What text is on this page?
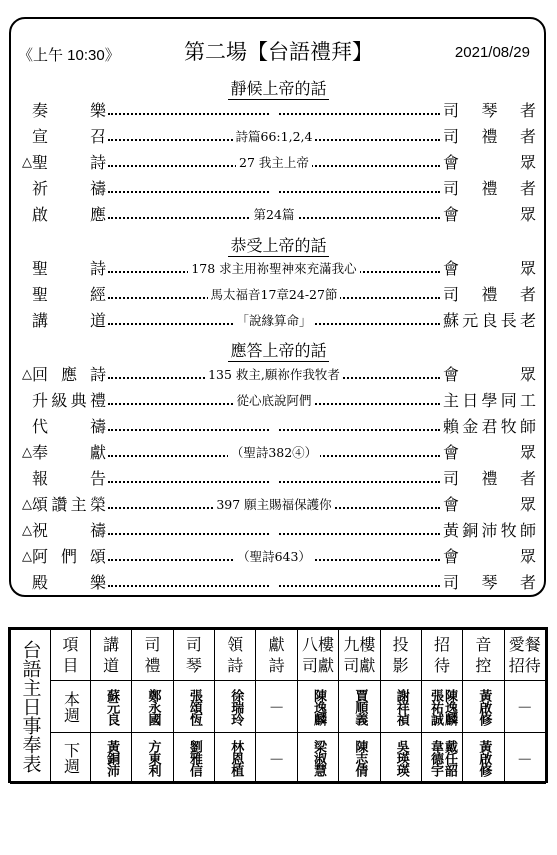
《上午 10:30》	第二場【台語禮拜】	2021/08/29
靜候上帝的話
恭受上帝的話
應答上帝的話
奏	樂	司 琴 者
宣	召	詩篇66:1,2,4	司 禮 者
△ 聖	詩	27 我主上帝	會	眾
祈	禱	司 禮 者
啟	應	第24篇	會	眾
聖	詩	178 求主用祢聖神來充滿我心	會	眾
聖	經	馬太福音17章24-27節	司 禮 者
講	道	「說緣算命」	蘇 元 良 長 老
△ 回 應 詩	135 救主,願祢作我牧者	會	眾
升 級 典 禮	從心底說阿們	主 日 學 同 工
代	禱	賴 金 君 牧 師
△ 奉	獻	（聖詩382④）	會	眾
報	告	司 禮 者
△ 頌 讚 主 榮	397 願主賜福保護你	會	眾
△ 祝	禱	黃 銅 沛 牧 師
△ 阿 們 頌	（聖詩643）	會	眾
殿	樂	司 琴 者
台語主日事奉表	項目	講道	司禮	司琴	領詩	獻詩	八樓司獻	九樓司獻	投影	招待	音控	愛餐招待

	本週	蘇元良	鄭永國	張頌恆	徐瑞玲	－	陳逸麟	賈順義	謝祥禎	陳逸麟 張祐誠	黃啟修	－

	下週	黃銅沛	方東利	劉雅信	林恩植	－	梁淑慧	陳志倩	吳瑛瑛	戴任韶 韋德宇	黃啟修	－
